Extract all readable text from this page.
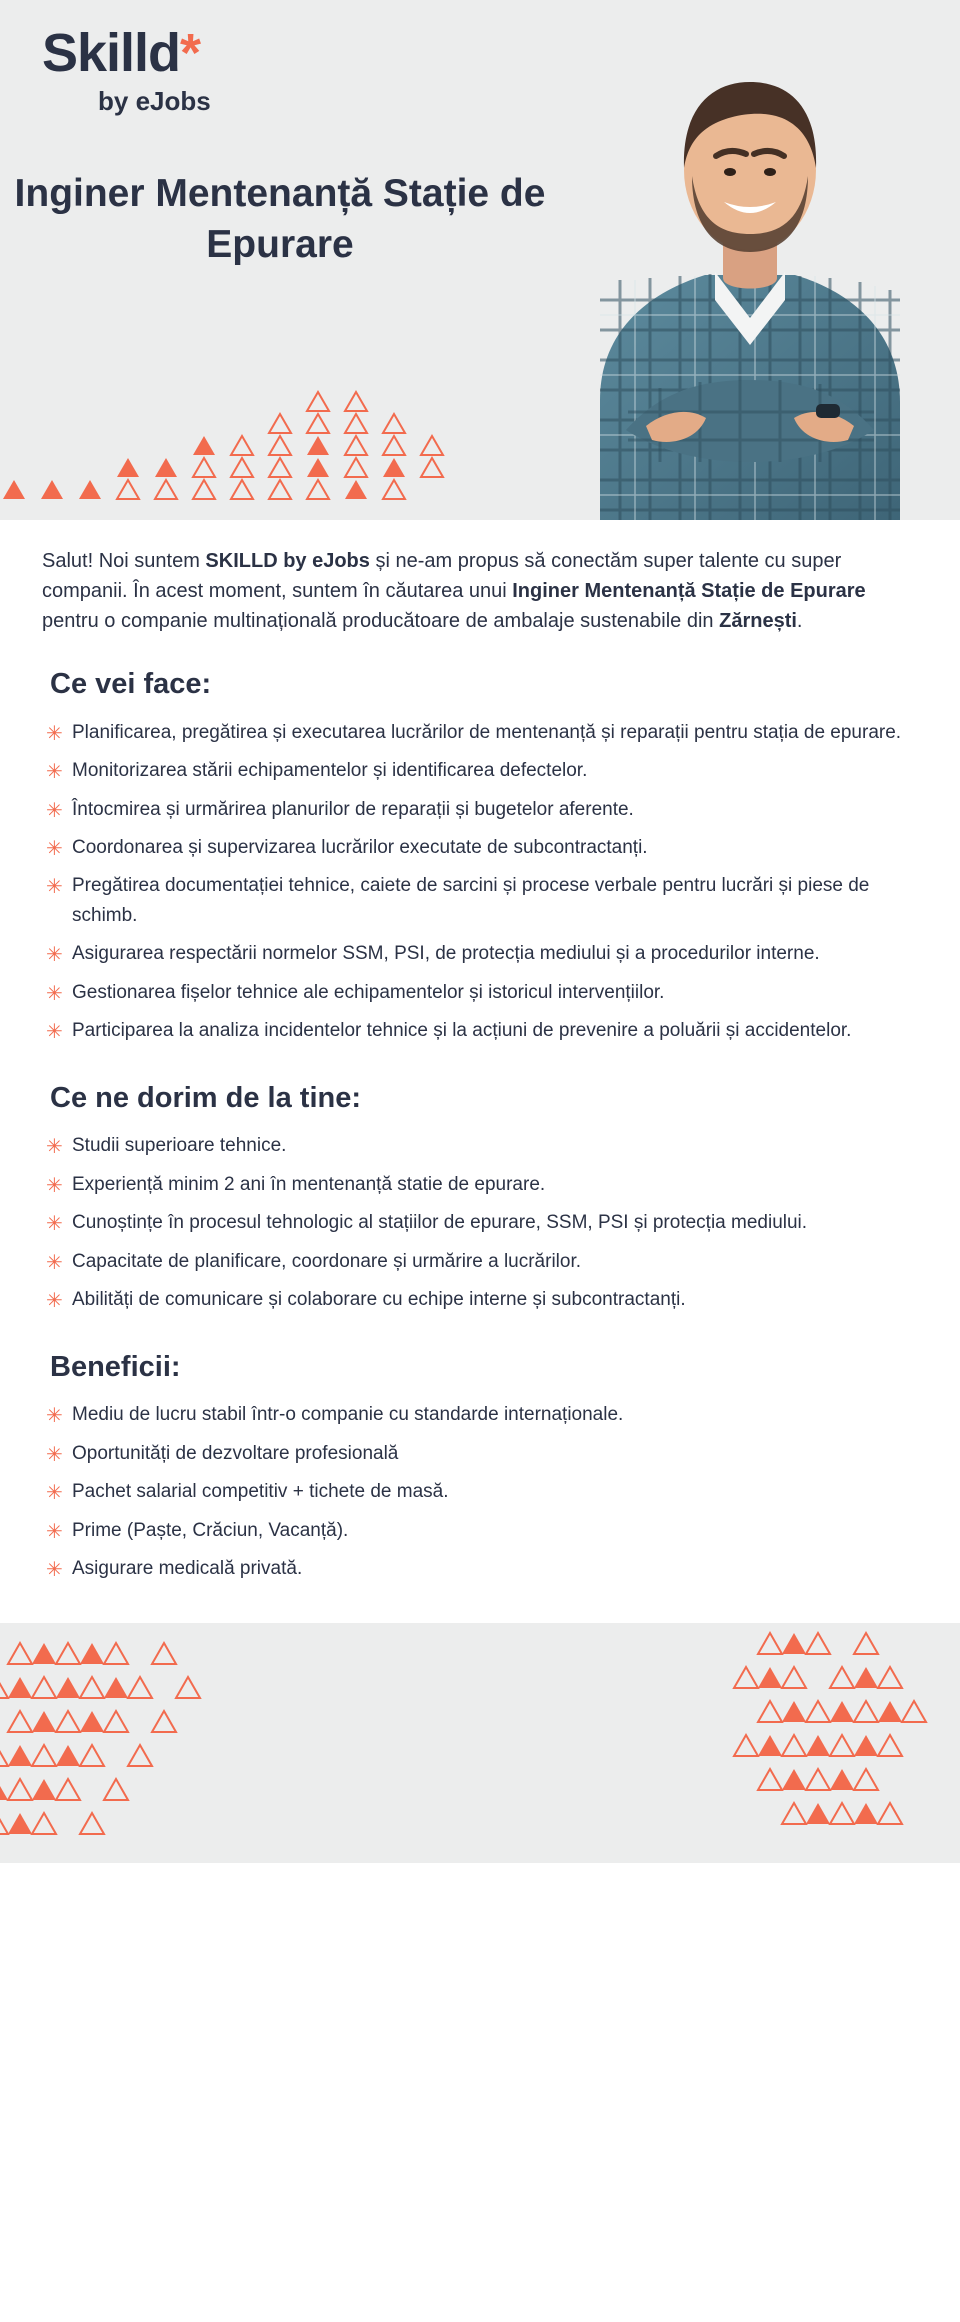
Skilld*
by eJobs
Inginer Mentenanță Stație de Epurare

Salut! Noi suntem SKILLD by eJobs și ne-am propus să conectăm super talente cu super companii. În acest moment, suntem în căutarea unui Inginer Mentenanță Stație de Epurare pentru o companie multinațională producătoare de ambalaje sustenabile din Zărnești.

Ce vei face:
✳ Planificarea, pregătirea și executarea lucrărilor de mentenanță și reparații pentru stația de epurare.
✳ Monitorizarea stării echipamentelor și identificarea defectelor.
✳ Întocmirea și urmărirea planurilor de reparații și bugetelor aferente.
✳ Coordonarea și supervizarea lucrărilor executate de subcontractanți.
✳ Pregătirea documentației tehnice, caiete de sarcini și procese verbale pentru lucrări și piese de schimb.
✳ Asigurarea respectării normelor SSM, PSI, de protecția mediului și a procedurilor interne.
✳ Gestionarea fișelor tehnice ale echipamentelor și istoricul intervențiilor.
✳ Participarea la analiza incidentelor tehnice și la acțiuni de prevenire a poluării și accidentelor.
Ce ne dorim de la tine:
✳ Studii superioare tehnice.
✳ Experiență minim 2 ani în mentenanță statie de epurare.
✳ Cunoștințe în procesul tehnologic al stațiilor de epurare, SSM, PSI și protecția mediului.
✳ Capacitate de planificare, coordonare și urmărire a lucrărilor.
✳ Abilități de comunicare și colaborare cu echipe interne și subcontractanți.
Beneficii:
✳ Mediu de lucru stabil într-o companie cu standarde internaționale.
✳ Oportunități de dezvoltare profesională
✳ Pachet salarial competitiv + tichete de masă.
✳ Prime (Paște, Crăciun, Vacanță).
✳ Asigurare medicală privată.
